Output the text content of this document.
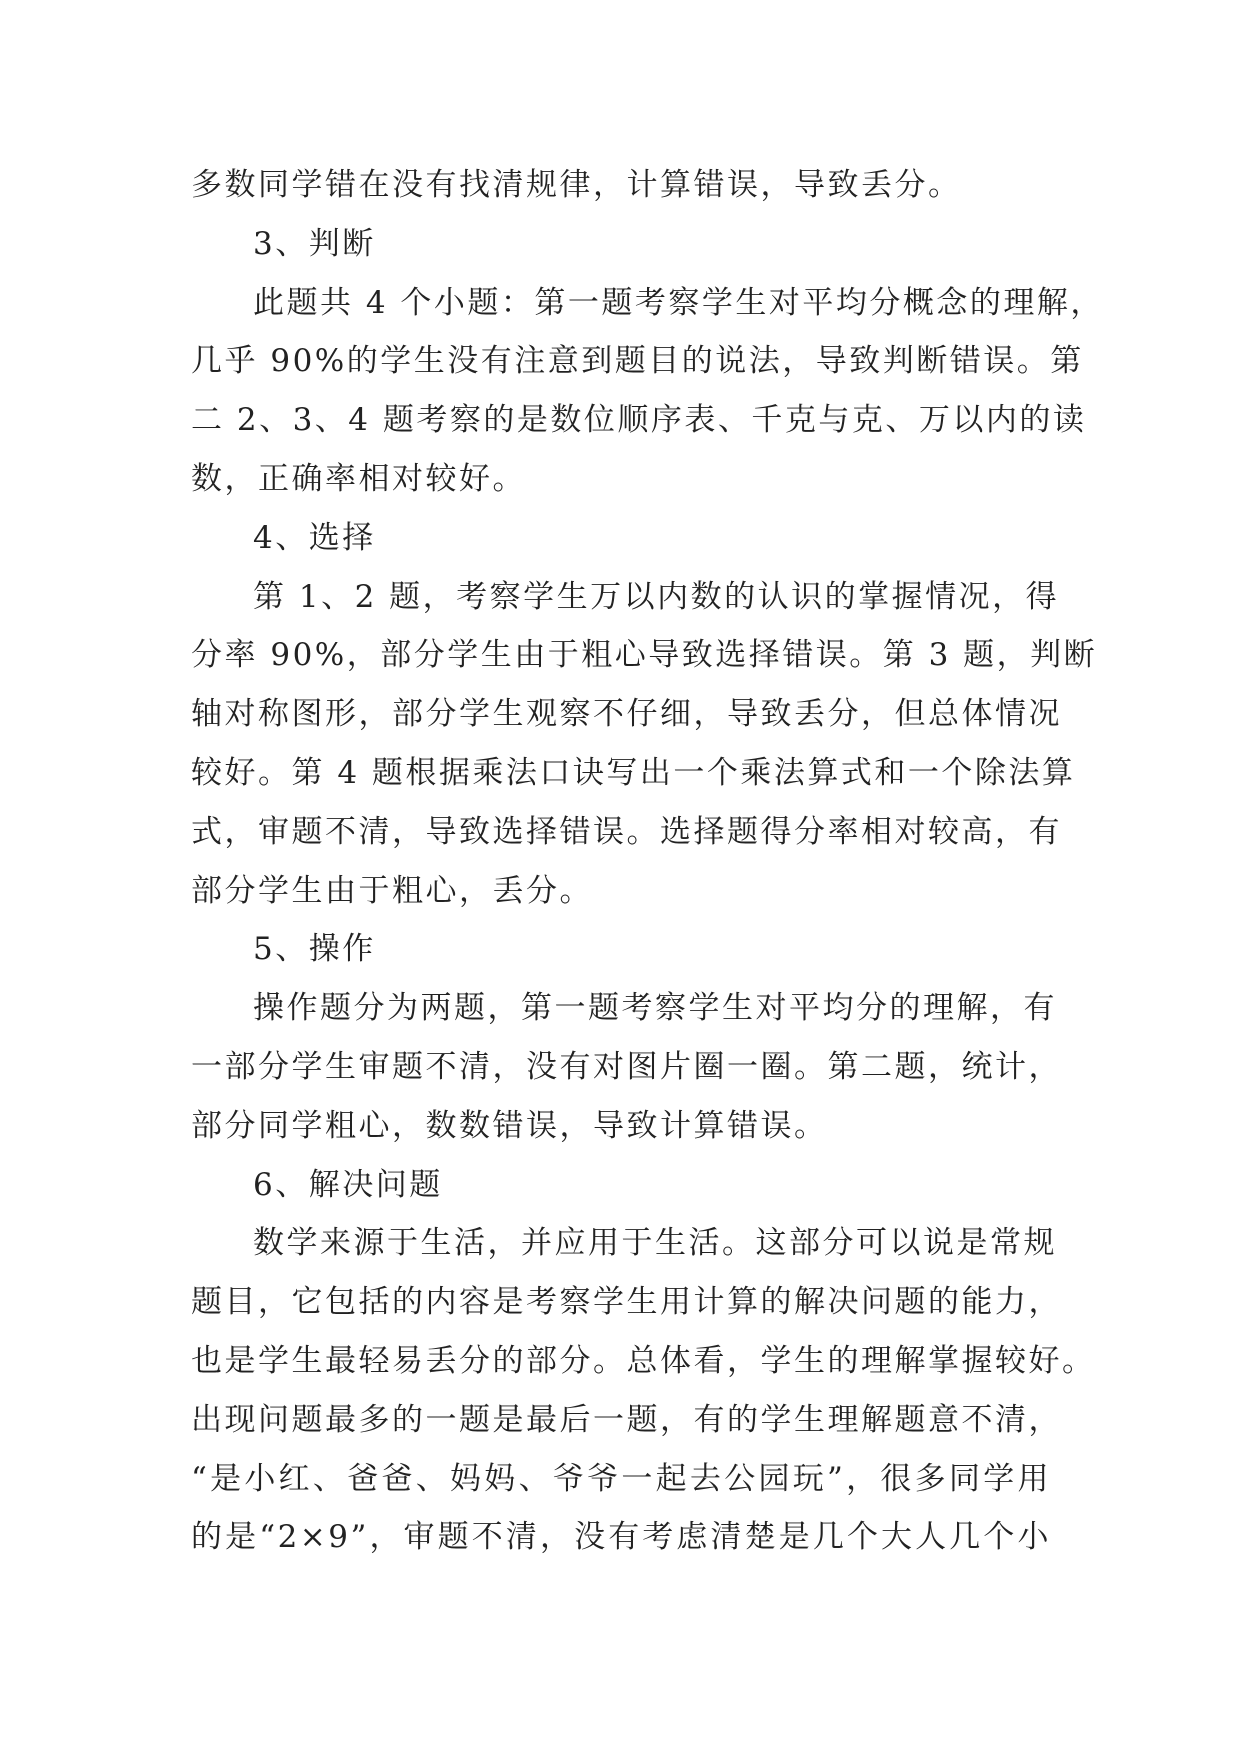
多数同学错在没有找清规律，计算错误，导致丢分。
3、判断
此题共 4 个小题：第一题考察学生对平均分概念的理解，
几乎 90%的学生没有注意到题目的说法，导致判断错误。第
二 2、3、4 题考察的是数位顺序表、千克与克、万以内的读
数，正确率相对较好。
4、选择
第 1、2 题，考察学生万以内数的认识的掌握情况，得
分率 90%，部分学生由于粗心导致选择错误。第 3 题，判断
轴对称图形，部分学生观察不仔细，导致丢分，但总体情况
较好。第 4 题根据乘法口诀写出一个乘法算式和一个除法算
式，审题不清，导致选择错误。选择题得分率相对较高，有
部分学生由于粗心，丢分。
5、操作
操作题分为两题，第一题考察学生对平均分的理解，有
一部分学生审题不清，没有对图片圈一圈。第二题，统计，
部分同学粗心，数数错误，导致计算错误。
6、解决问题
数学来源于生活，并应用于生活。这部分可以说是常规
题目，它包括的内容是考察学生用计算的解决问题的能力，
也是学生最轻易丢分的部分。总体看，学生的理解掌握较好。
出现问题最多的一题是最后一题，有的学生理解题意不清，
“是小红、爸爸、妈妈、爷爷一起去公园玩”，很多同学用
的是“2×9”，审题不清，没有考虑清楚是几个大人几个小
